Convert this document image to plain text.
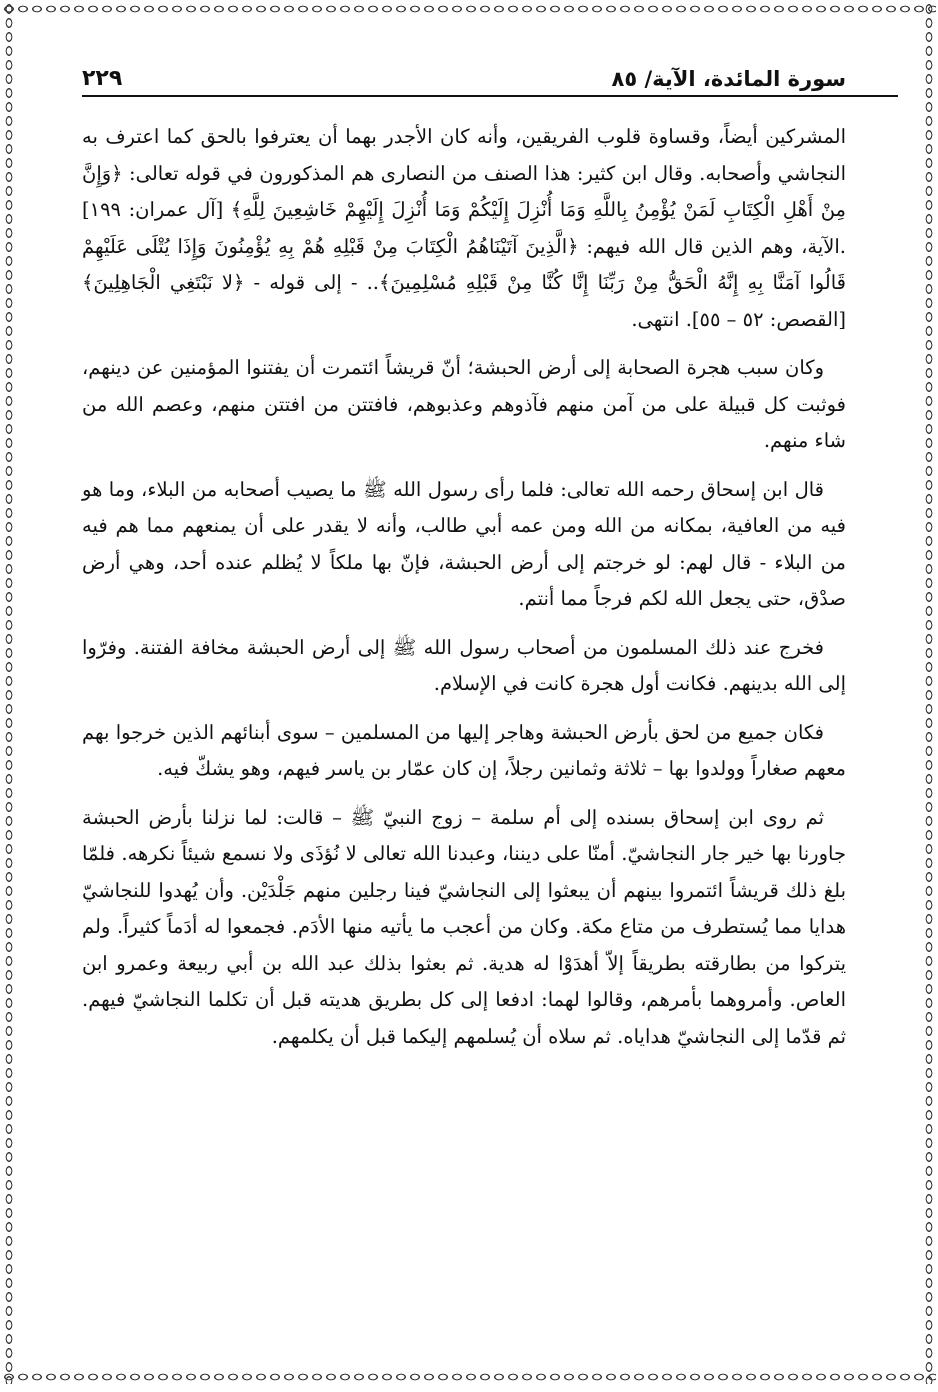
سورة المائدة، الآية/ ٨٥
٢٢٩

المشركين أيضاً، وقساوة قلوب الفريقين، وأنه كان الأجدر بهما أن يعترفوا بالحق كما اعترف به النجاشي وأصحابه. وقال ابن كثير: هذا الصنف من النصارى هم المذكورون في قوله تعالى: ﴿وَإِنَّ مِنْ أَهْلِ الْكِتَابِ لَمَنْ يُؤْمِنُ بِاللَّهِ وَمَا أُنْزِلَ إِلَيْكُمْ وَمَا أُنْزِلَ إِلَيْهِمْ خَاشِعِينَ لِلَّهِ﴾ [آل عمران: ١٩٩] .الآية، وهم الذين قال الله فيهم: ﴿الَّذِينَ آتَيْنَاهُمُ الْكِتَابَ مِنْ قَبْلِهِ هُمْ بِهِ يُؤْمِنُونَ وَإِذَا يُتْلَى عَلَيْهِمْ قَالُوا آمَنَّا بِهِ إِنَّهُ الْحَقُّ مِنْ رَبِّنَا إِنَّا كُنَّا مِنْ قَبْلِهِ مُسْلِمِينَ﴾.. - إلى قوله - ﴿لا نَبْتَغِي الْجَاهِلِينَ﴾ [القصص: ٥٢ – ٥٥]. انتهى.

وكان سبب هجرة الصحابة إلى أرض الحبشة؛ أنّ قريشاً ائتمرت أن يفتنوا المؤمنين عن دينهم، فوثبت كل قبيلة على من آمن منهم فآذوهم وعذبوهم، فافتتن من افتتن منهم، وعصم الله من شاء منهم.

قال ابن إسحاق رحمه الله تعالى: فلما رأى رسول الله ﷺ ما يصيب أصحابه من البلاء، وما هو فيه من العافية، بمكانه من الله ومن عمه أبي طالب، وأنه لا يقدر على أن يمنعهم مما هم فيه من البلاء - قال لهم: لو خرجتم إلى أرض الحبشة، فإنّ بها ملكاً لا يُظلم عنده أحد، وهي أرض صدْق، حتى يجعل الله لكم فرجاً مما أنتم.

فخرج عند ذلك المسلمون من أصحاب رسول الله ﷺ إلى أرض الحبشة مخافة الفتنة. وفرّوا إلى الله بدينهم. فكانت أول هجرة كانت في الإسلام.

فكان جميع من لحق بأرض الحبشة وهاجر إليها من المسلمين – سوى أبنائهم الذين خرجوا بهم معهم صغاراً وولدوا بها – ثلاثة وثمانين رجلاً، إن كان عمّار بن ياسر فيهم، وهو يشكّ فيه.

ثم روى ابن إسحاق بسنده إلى أم سلمة – زوج النبيّ ﷺ – قالت: لما نزلنا بأرض الحبشة جاورنا بها خير جار النجاشيّ. أمنّا على ديننا، وعبدنا الله تعالى لا نُؤذَى ولا نسمع شيئاً نكرهه. فلمّا بلغ ذلك قريشاً ائتمروا بينهم أن يبعثوا إلى النجاشيّ فينا رجلين منهم جَلْدَيْن. وأن يُهدوا للنجاشيّ هدايا مما يُستطرف من متاع مكة. وكان من أعجب ما يأتيه منها الأدَم. فجمعوا له أدَماً كثيراً. ولم يتركوا من بطارقته بطريقاً إلاّ أهدَوْا له هدية. ثم بعثوا بذلك عبد الله بن أبي ربيعة وعمرو ابن العاص. وأمروهما بأمرهم، وقالوا لهما: ادفعا إلى كل بطريق هديته قبل أن تكلما النجاشيّ فيهم. ثم قدّما إلى النجاشيّ هداياه. ثم سلاه أن يُسلمهم إليكما قبل أن يكلمهم.
